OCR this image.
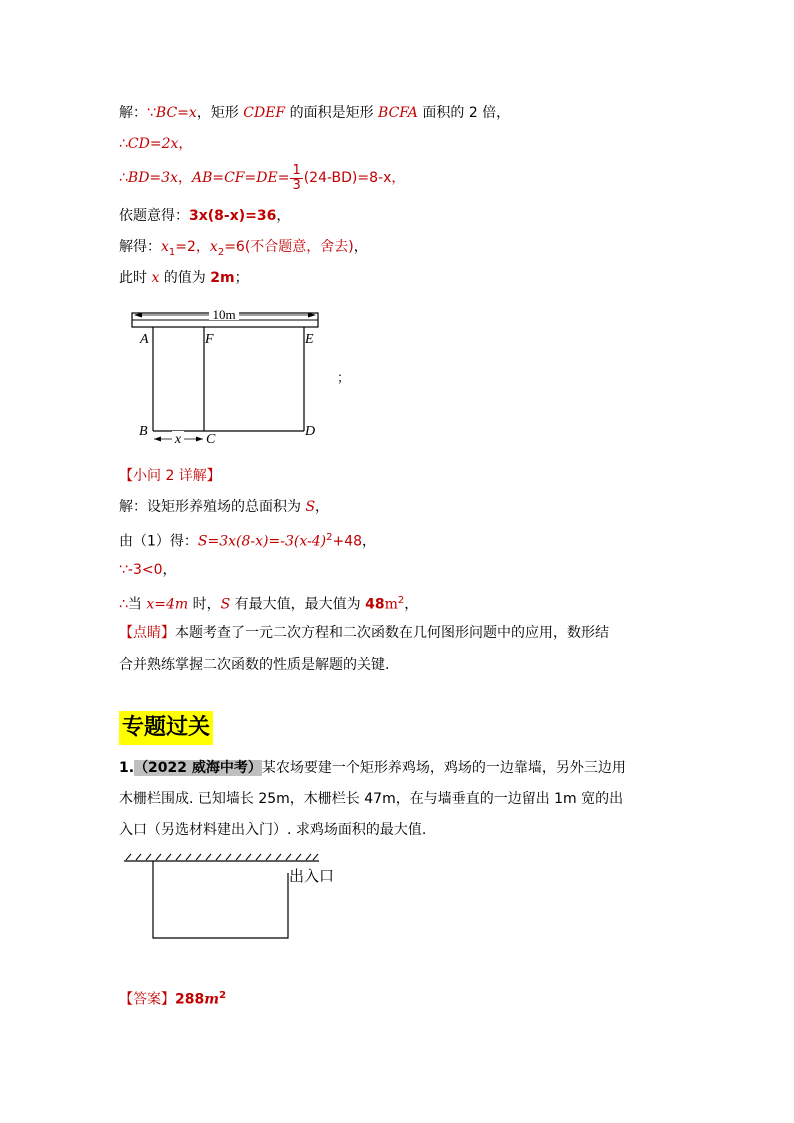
解：∵BC=x，矩形 CDEF 的面积是矩形 BCFA 面积的 2 倍，
∴CD=2x，
∴BD=3x，$AB=CF=DE= \frac{1}{3} (24-BD)=8-x$，
依题意得：3x(8-x)=36，
解得：$x_1=2$，$x_2=6$(不合题意，舍去)，
此时 x 的值为 2m；
10m
A	F	E
B
C
D
x
；
【小问 2 详解】
解：设矩形养殖场的总面积为 S，
由（1）得：$S=3x(8-x)=-3(x-4)^2+48$，
∵-3<0，
∴当 x=4m 时，S 有最大值，最大值为 $48m^2$，
【点睛】本题考查了一元二次方程和二次函数在几何图形问题中的应用，数形结
合并熟练掌握二次函数的性质是解题的关键.
专题过关
1.（2022 威海中考）某农场要建一个矩形养鸡场，鸡场的一边靠墙，另外三边用
木栅栏围成. 已知墙长 25m，木栅栏长 47m，在与墙垂直的一边留出 1m 宽的出
入口（另选材料建出入门）. 求鸡场面积的最大值.
出入口
【答案】$288m^2$
